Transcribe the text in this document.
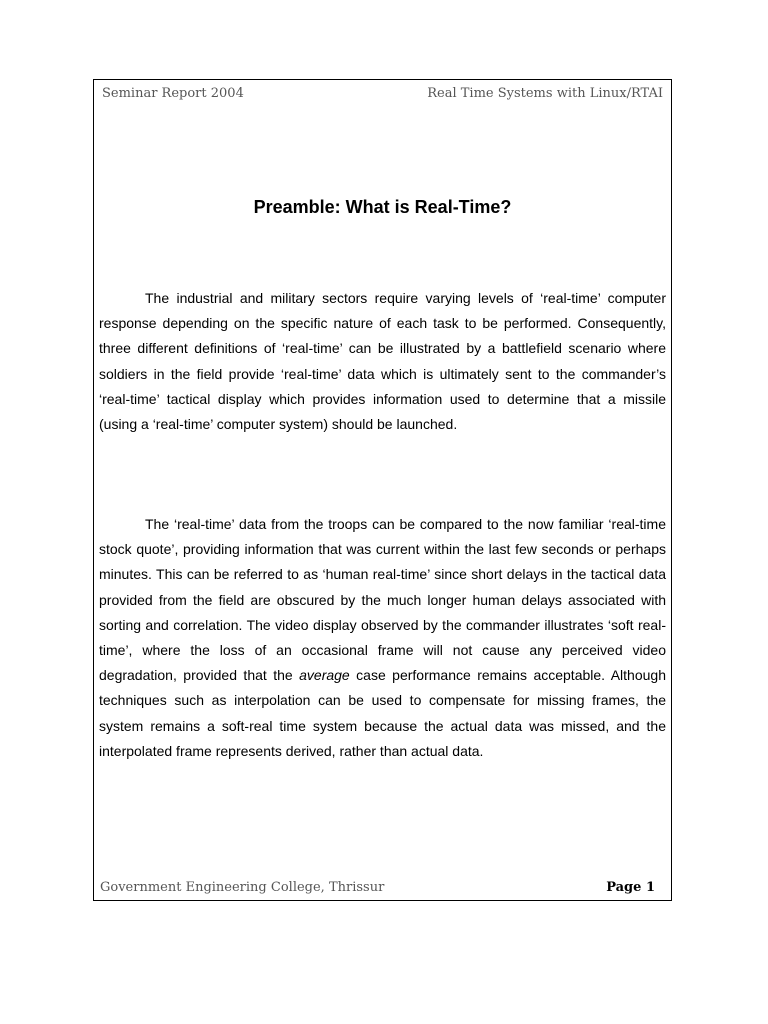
Seminar Report 2004	Real Time Systems with Linux/RTAI
Preamble: What is Real-Time?

The industrial and military sectors require varying levels of ‘real-time’ computer response depending on the specific nature of each task to be performed. Consequently, three different definitions of ‘real-time’ can be illustrated by a battlefield scenario where soldiers in the field provide ‘real-time’ data which is ultimately sent to the commander’s ‘real-time’ tactical display which provides information used to determine that a missile (using a ‘real-time’ computer system) should be launched.

The ‘real-time’ data from the troops can be compared to the now familiar ‘real-time stock quote’, providing information that was current within the last few seconds or perhaps minutes. This can be referred to as ‘human real-time’ since short delays in the tactical data provided from the field are obscured by the much longer human delays associated with sorting and correlation. The video display observed by the commander illustrates ‘soft real-time’, where the loss of an occasional frame will not cause any perceived video degradation, provided that the average case performance remains acceptable. Although techniques such as interpolation can be used to compensate for missing frames, the system remains a soft-real time system because the actual data was missed, and the interpolated frame represents derived, rather than actual data.

Government Engineering College, Thrissur	Page 1
